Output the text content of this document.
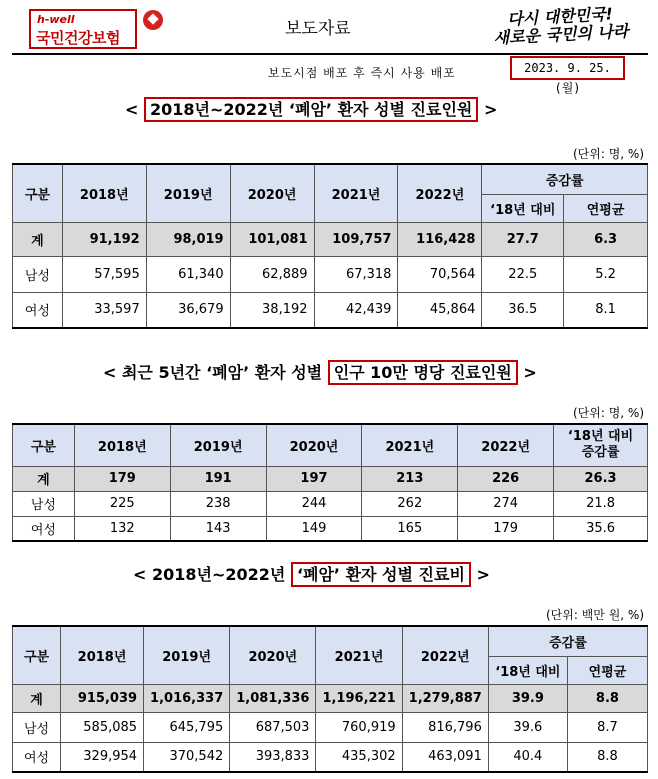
h-well
국민건강보험	보도자료
다시 대한민국!
새로운 국민의 나라
보도시점 배포 후 즉시 사용 배포	2023. 9. 25.(월)
< 2018년~2022년 ‘폐암’ 환자 성별 진료인원 >
(단위: 명, %)
구분	2018년	2019년	2020년	2021년	2022년	증감률	
						‘18년 대비	연평균
계	91,192	98,019	101,081	109,757	116,428	27.7	6.3
남성	57,595	61,340	62,889	67,318	70,564	22.5	5.2
여성	33,597	36,679	38,192	42,439	45,864	36.5	8.1
< 최근 5년간 ‘폐암’ 환자 성별 인구 10만 명당 진료인원 >
(단위: 명, %)
구분	2018년	2019년	2020년	2021년	2022년	‘18년 대비
증감률

계	179	191	197	213	226	26.3
남성	225	238	244	262	274	21.8
여성	132	143	149	165	179	35.6
< 2018년~2022년 ‘폐암’ 환자 성별 진료비 >
(단위: 백만 원, %)
구분	2018년	2019년	2020년	2021년	2022년	증감률	
						‘18년 대비	연평균
계	915,039	1,016,337	1,081,336	1,196,221	1,279,887	39.9	8.8
남성	585,085	645,795	687,503	760,919	816,796	39.6	8.7
여성	329,954	370,542	393,833	435,302	463,091	40.4	8.8
